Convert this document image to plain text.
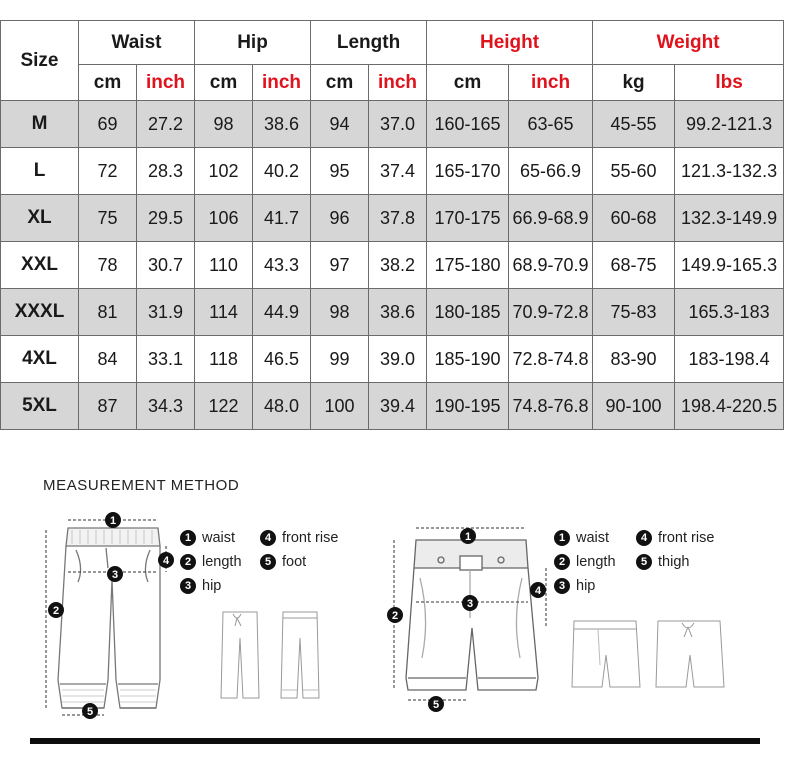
Size	Waist		Hip		Length		Height		Weight	
	cm	inch	cm	inch	cm	inch	cm	inch	kg	lbs
M	69	27.2	98	38.6	94	37.0	160-165	63-65	45-55	99.2-121.3
L	72	28.3	102	40.2	95	37.4	165-170	65-66.9	55-60	121.3-132.3
XL	75	29.5	106	41.7	96	37.8	170-175	66.9-68.9	60-68	132.3-149.9
XXL	78	30.7	110	43.3	97	38.2	175-180	68.9-70.9	68-75	149.9-165.3
XXXL	81	31.9	114	44.9	98	38.6	180-185	70.9-72.8	75-83	165.3-183
4XL	84	33.1	118	46.5	99	39.0	185-190	72.8-74.8	83-90	183-198.4
5XL	87	34.3	122	48.0	100	39.4	190-195	74.8-76.8	90-100	198.4-220.5
MEASUREMENT METHOD
1
2
3
4
5
1 waist
2 length
3 hip
4 front rise
5 foot
1
2
3
4
5
1 waist
2 length
3 hip
4 front rise
5 thigh
